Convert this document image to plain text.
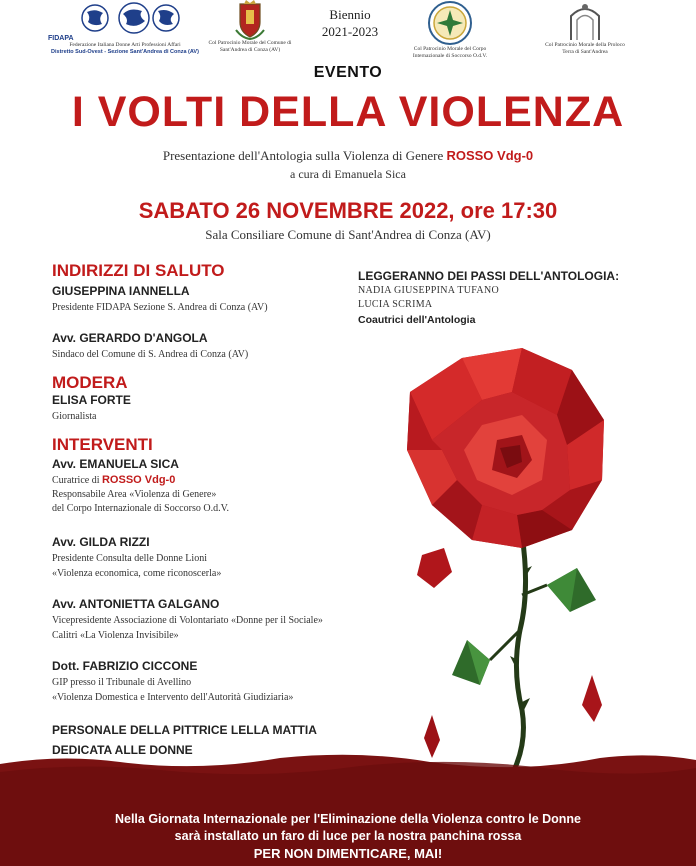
FIDAPA
Federazione Italiana Donne Arti Professioni Affari
Distretto Sud-Ovest - Sezione Sant'Andrea di Conza (AV)
Col Patrocinio Morale del Comune di
Sant'Andrea di Conza (AV)
Biennio
2021-2023
Col Patrocinio Morale del Corpo
Internazionale di Soccorso O.d.V.
Col Patrocinio Morale della Proloco
Terra di Sant'Andrea
EVENTO
I VOLTI DELLA VIOLENZA
Presentazione dell'Antologia sulla Violenza di Genere ROSSO Vdg-0
a cura di Emanuela Sica
SABATO 26 NOVEMBRE 2022, ore 17:30
Sala Consiliare Comune di Sant'Andrea di Conza (AV)
INDIRIZZI DI SALUTO
GIUSEPPINA IANNELLA
Presidente FIDAPA Sezione S. Andrea di Conza (AV)
Avv. GERARDO D'ANGOLA
Sindaco del Comune di S. Andrea di Conza (AV)
MODERA
ELISA FORTE
Giornalista
INTERVENTI
Avv. EMANUELA SICA
Curatrice di ROSSO Vdg-0
Responsabile Area «Violenza di Genere»
del Corpo Internazionale di Soccorso O.d.V.
Avv. GILDA RIZZI
Presidente Consulta delle Donne Lioni
«Violenza economica, come riconoscerla»
Avv. ANTONIETTA GALGANO
Vicepresidente Associazione di Volontariato «Donne per il Sociale»
Calitri «La Violenza Invisibile»
Dott. FABRIZIO CICCONE
GIP presso il Tribunale di Avellino
«Violenza Domestica e Intervento dell'Autorità Giudiziaria»
PERSONALE DELLA PITTRICE LELLA MATTIA
DEDICATA ALLE DONNE
LEGGERANNO DEI PASSI DELL'ANTOLOGIA:
NADIA GIUSEPPINA TUFANO
LUCIA SCRIMA
Coautrici dell'Antologia
Nella Giornata Internazionale per l'Eliminazione della Violenza contro le Donne
sarà installato un faro di luce per la nostra panchina rossa
PER NON DIMENTICARE, MAI!
